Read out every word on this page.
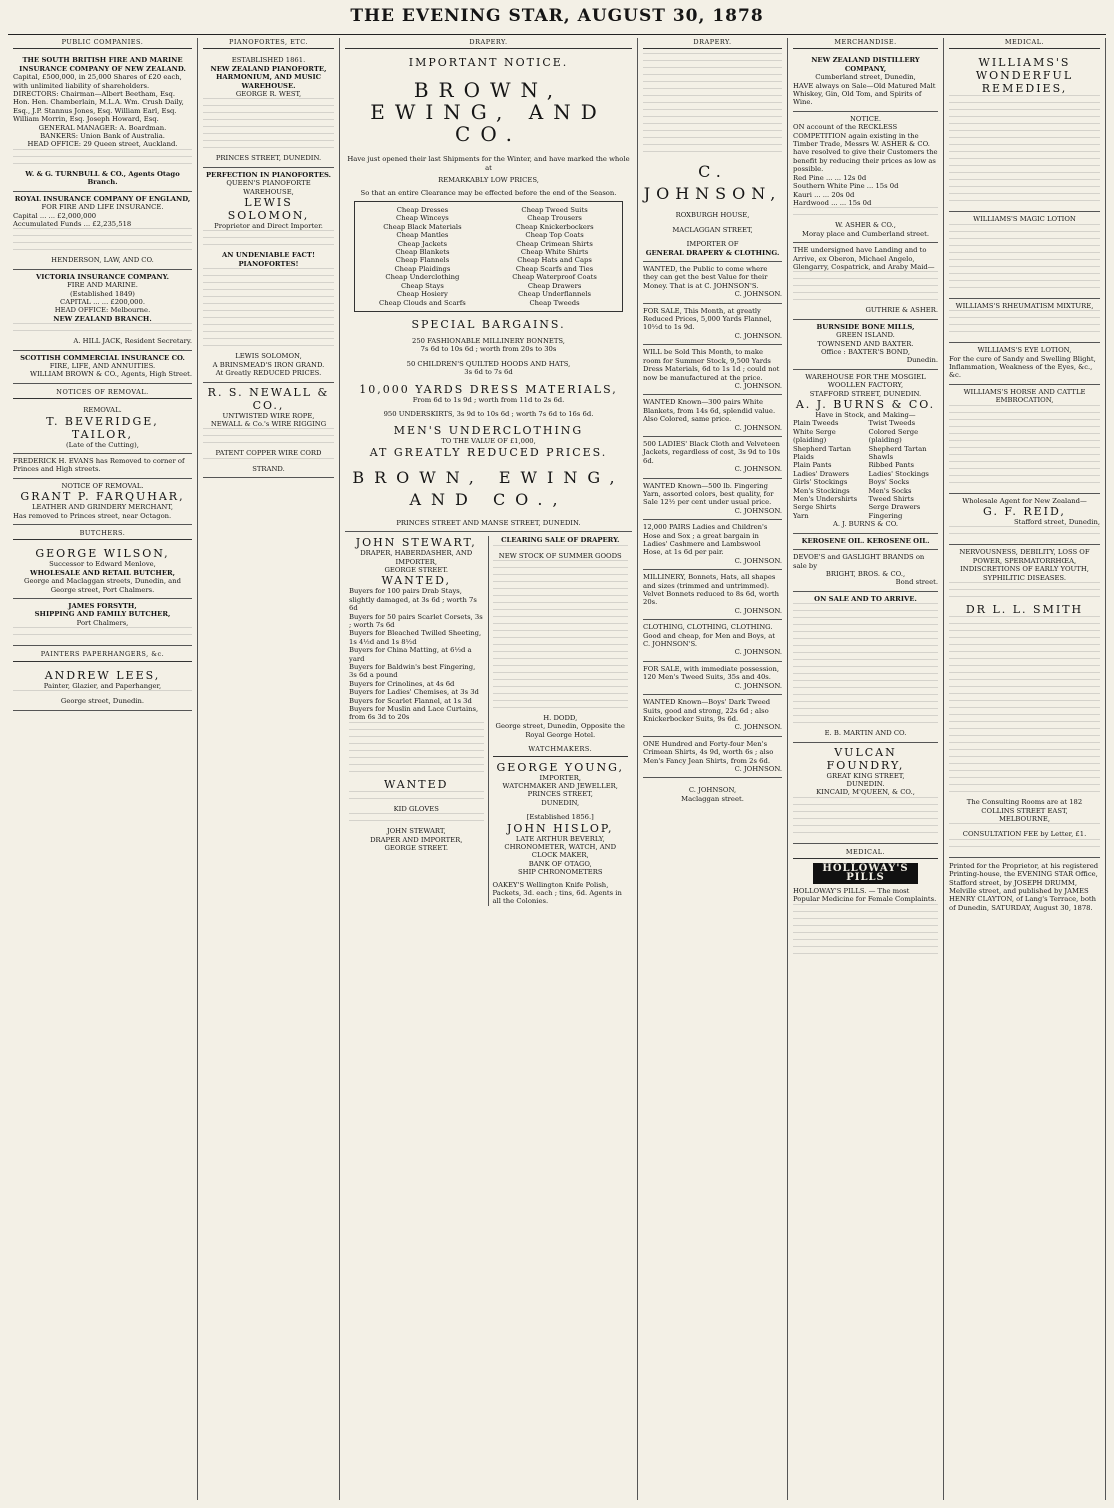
THE EVENING STAR, AUGUST 30, 1878
PUBLIC COMPANIES.
THE SOUTH BRITISH FIRE AND MARINE INSURANCE COMPANY OF NEW ZEALAND.
Capital, £500,000, in 25,000 Shares of £20 each, with unlimited liability of shareholders.
DIRECTORS: Chairman—Albert Beetham, Esq. Hon. Hen. Chamberlain, M.L.A. Wm. Crush Daily, Esq., J.P. Stannus Jones, Esq. William Earl, Esq. William Morrin, Esq. Joseph Howard, Esq.
GENERAL MANAGER: A. Boardman.
BANKERS: Union Bank of Australia.
HEAD OFFICE: 29 Queen street, Auckland.
W. & G. TURNBULL & CO., Agents Otago Branch.
ROYAL INSURANCE COMPANY OF ENGLAND,
FOR FIRE AND LIFE INSURANCE.
Capital ... ... £2,000,000
Accumulated Funds ... £2,235,518
HENDERSON, LAW, AND CO.
VICTORIA INSURANCE COMPANY.
FIRE AND MARINE.
(Established 1849)
CAPITAL ... ... £200,000.
HEAD OFFICE: Melbourne.
NEW ZEALAND BRANCH.
A. HILL JACK, Resident Secretary.
SCOTTISH COMMERCIAL INSURANCE CO.
FIRE, LIFE, AND ANNUITIES.
WILLIAM BROWN & CO., Agents, High Street.
NOTICES OF REMOVAL.
REMOVAL.
T. BEVERIDGE, TAILOR,
(Late of the Cutting),
FREDERICK H. EVANS has Removed to corner of Princes and High streets.
NOTICE OF REMOVAL.
GRANT P. FARQUHAR,
LEATHER AND GRINDERY MERCHANT,
Has removed to Princes street, near Octagon.
BUTCHERS.
GEORGE WILSON,
Successor to Edward Menlove,
WHOLESALE AND RETAIL BUTCHER,
George and Maclaggan streets, Dunedin, and George street, Port Chalmers.
JAMES FORSYTH,
SHIPPING AND FAMILY BUTCHER,
Port Chalmers,
PAINTERS PAPERHANGERS, &c.
ANDREW LEES,
Painter, Glazier, and Paperhanger,
George street, Dunedin.
PIANOFORTES, ETC.
ESTABLISHED 1861.
NEW ZEALAND PIANOFORTE, HARMONIUM, AND MUSIC WAREHOUSE.
GEORGE R. WEST,
PRINCES STREET, DUNEDIN.
PERFECTION IN PIANOFORTES.
QUEEN'S PIANOFORTE WAREHOUSE,
LEWIS SOLOMON,
Proprietor and Direct Importer.
AN UNDENIABLE FACT!
PIANOFORTES!
LEWIS SOLOMON,
A BRINSMEAD'S IRON GRAND.
At Greatly REDUCED PRICES.
R. S. NEWALL & CO.,
UNTWISTED WIRE ROPE,
NEWALL & Co.'s WIRE RIGGING
PATENT COPPER WIRE CORD
STRAND.
DRAPERY.
IMPORTANT NOTICE.
BROWN, EWING, AND CO.
Have just opened their last Shipments for the Winter, and have marked the whole at
REMARKABLY LOW PRICES,
So that an entire Clearance may be effected before the end of the Season.
Cheap Dresses
Cheap Winceys
Cheap Black Materials
Cheap Mantles
Cheap Jackets
Cheap Blankets
Cheap Flannels
Cheap Plaidings
Cheap Underclothing
Cheap Stays
Cheap Hosiery
Cheap Clouds and Scarfs
Cheap Tweed Suits
Cheap Trousers
Cheap Knickerbockers
Cheap Top Coats
Cheap Crimean Shirts
Cheap White Shirts
Cheap Hats and Caps
Cheap Scarfs and Ties
Cheap Waterproof Coats
Cheap Drawers
Cheap Underflannels
Cheap Tweeds
SPECIAL BARGAINS.
250 FASHIONABLE MILLINERY BONNETS,
7s 6d to 10s 6d ; worth from 20s to 30s
50 CHILDREN'S QUILTED HOODS AND HATS,
3s 6d to 7s 6d
10,000 YARDS DRESS MATERIALS,
From 6d to 1s 9d ; worth from 11d to 2s 6d.
950 UNDERSKIRTS, 3s 9d to 10s 6d ; worth 7s 6d to 16s 6d.
MEN'S UNDERCLOTHING
TO THE VALUE OF £1,000,
AT GREATLY REDUCED PRICES.
BROWN, EWING, AND CO.,
PRINCES STREET AND MANSE STREET, DUNEDIN.
JOHN STEWART,
DRAPER, HABERDASHER, AND IMPORTER,
GEORGE STREET.
WANTED,
Buyers for 100 pairs Drab Stays, slightly damaged, at 3s 6d ; worth 7s 6d
Buyers for 50 pairs Scarlet Corsets, 3s ; worth 7s 6d
Buyers for Bleached Twilled Sheeting, 1s 4½d and 1s 8½d
Buyers for China Matting, at 6½d a yard
Buyers for Baldwin's best Fingering, 3s 6d a pound
Buyers for Crinolines, at 4s 6d
Buyers for Ladies' Chemises, at 3s 3d
Buyers for Scarlet Flannel, at 1s 3d
Buyers for Muslin and Lace Curtains, from 6s 3d to 20s
WANTED
KID GLOVES
JOHN STEWART,
DRAPER AND IMPORTER,
GEORGE STREET.
CLEARING SALE OF DRAPERY.
NEW STOCK OF SUMMER GOODS
H. DODD,
George street, Dunedin, Opposite the Royal George Hotel.
WATCHMAKERS.
GEORGE YOUNG,
IMPORTER,
WATCHMAKER AND JEWELLER,
PRINCES STREET,
DUNEDIN,
[Established 1856.]
JOHN HISLOP,
LATE ARTHUR BEVERLY,
CHRONOMETER, WATCH, AND CLOCK MAKER,
BANK OF OTAGO,
SHIP CHRONOMETERS
OAKEY'S Wellington Knife Polish, Packets, 3d. each ; tins, 6d. Agents in all the Colonies.
DRAPERY.
C. JOHNSON,
ROXBURGH HOUSE,
MACLAGGAN STREET,
IMPORTER OF
GENERAL DRAPERY & CLOTHING.
WANTED, the Public to come where they can get the best Value for their Money. That is at C. JOHNSON'S.
C. JOHNSON.
FOR SALE, This Month, at greatly Reduced Prices, 5,000 Yards Flannel, 10½d to 1s 9d.
C. JOHNSON.
WILL be Sold This Month, to make room for Summer Stock, 9,500 Yards Dress Materials, 6d to 1s 1d ; could not now be manufactured at the price.
C. JOHNSON.
WANTED Known—300 pairs White Blankets, from 14s 6d, splendid value. Also Colored, same price.
C. JOHNSON.
500 LADIES' Black Cloth and Velveteen Jackets, regardless of cost, 3s 9d to 10s 6d.
C. JOHNSON.
WANTED Known—500 lb. Fingering Yarn, assorted colors, best quality, for Sale 12½ per cent under usual price.
C. JOHNSON.
12,000 PAIRS Ladies and Children's Hose and Sox ; a great bargain in Ladies' Cashmere and Lambswool Hose, at 1s 6d per pair.
C. JOHNSON.
MILLINERY, Bonnets, Hats, all shapes and sizes (trimmed and untrimmed). Velvet Bonnets reduced to 8s 6d, worth 20s.
C. JOHNSON.
CLOTHING, CLOTHING, CLOTHING. Good and cheap, for Men and Boys, at C. JOHNSON'S.
C. JOHNSON.
FOR SALE, with immediate possession, 120 Men's Tweed Suits, 35s and 40s.
C. JOHNSON.
WANTED Known—Boys' Dark Tweed Suits, good and strong, 22s 6d ; also Knickerbocker Suits, 9s 6d.
C. JOHNSON.
ONE Hundred and Forty-four Men's Crimean Shirts, 4s 9d, worth 6s ; also Men's Fancy Jean Shirts, from 2s 6d.
C. JOHNSON.
C. JOHNSON,
Maclaggan street.
MERCHANDISE.
NEW ZEALAND DISTILLERY COMPANY,
Cumberland street, Dunedin,
HAVE always on Sale—Old Matured Malt Whiskey, Gin, Old Tom, and Spirits of Wine.
NOTICE.
ON account of the RECKLESS COMPETITION again existing in the Timber Trade, Messrs W. ASHER & CO. have resolved to give their Customers the benefit by reducing their prices as low as possible.
Red Pine ... ... 12s 0d
Southern White Pine ... 15s 0d
Kauri ... ... 20s 0d
Hardwood ... ... 15s 0d
W. ASHER & CO.,
Moray place and Cumberland street.
THE undersigned have Landing and to Arrive, ex Oberon, Michael Angelo, Glengarry, Cospatrick, and Araby Maid—
GUTHRIE & ASHER.
BURNSIDE BONE MILLS,
GREEN ISLAND.
TOWNSEND AND BAXTER.
Office : BAXTER'S BOND,
Dunedin.
WAREHOUSE FOR THE MOSGIEL WOOLLEN FACTORY,
STAFFORD STREET, DUNEDIN.
A. J. BURNS & CO.
Have in Stock, and Making—
Plain Tweeds
White Serge (plaiding)
Shepherd Tartan Plaids
Plain Pants
Ladies' Drawers
Girls' Stockings
Men's Stockings
Men's Undershirts
Serge Shirts
Yarn
Twist Tweeds
Colored Serge (plaiding)
Shepherd Tartan Shawls
Ribbed Pants
Ladies' Stockings
Boys' Socks
Men's Socks
Tweed Shirts
Serge Drawers
Fingering
A. J. BURNS & CO.
KEROSENE OIL. KEROSENE OIL.
DEVOE'S and GASLIGHT BRANDS on sale by
BRIGHT, BROS. & CO.,
Bond street.
ON SALE AND TO ARRIVE.
E. B. MARTIN AND CO.
VULCAN FOUNDRY,
GREAT KING STREET,
DUNEDIN.
KINCAID, M'QUEEN, & CO.,
MEDICAL.
HOLLOWAY'S PILLS
HOLLOWAY'S PILLS. — The most Popular Medicine for Female Complaints.
MEDICAL.
WILLIAMS'S WONDERFUL REMEDIES,
WILLIAMS'S MAGIC LOTION
WILLIAMS'S RHEUMATISM MIXTURE,
WILLIAMS'S EYE LOTION,
For the cure of Sandy and Swelling Blight, Inflammation, Weakness of the Eyes, &c., &c.
WILLIAMS'S HORSE AND CATTLE EMBROCATION,
Wholesale Agent for New Zealand—
G. F. REID,
Stafford street, Dunedin,
NERVOUSNESS, DEBILITY, LOSS OF POWER, SPERMATORRHŒA, INDISCRETIONS OF EARLY YOUTH, SYPHILITIC DISEASES.
DR L. L. SMITH
The Consulting Rooms are at 182
COLLINS STREET EAST,
MELBOURNE,
CONSULTATION FEE by Letter, £1.
Printed for the Proprietor, at his registered Printing-house, the EVENING STAR Office, Stafford street, by JOSEPH DRUMM, Melville street, and published by JAMES HENRY CLAYTON, of Lang's Terrace, both of Dunedin, SATURDAY, August 30, 1878.
